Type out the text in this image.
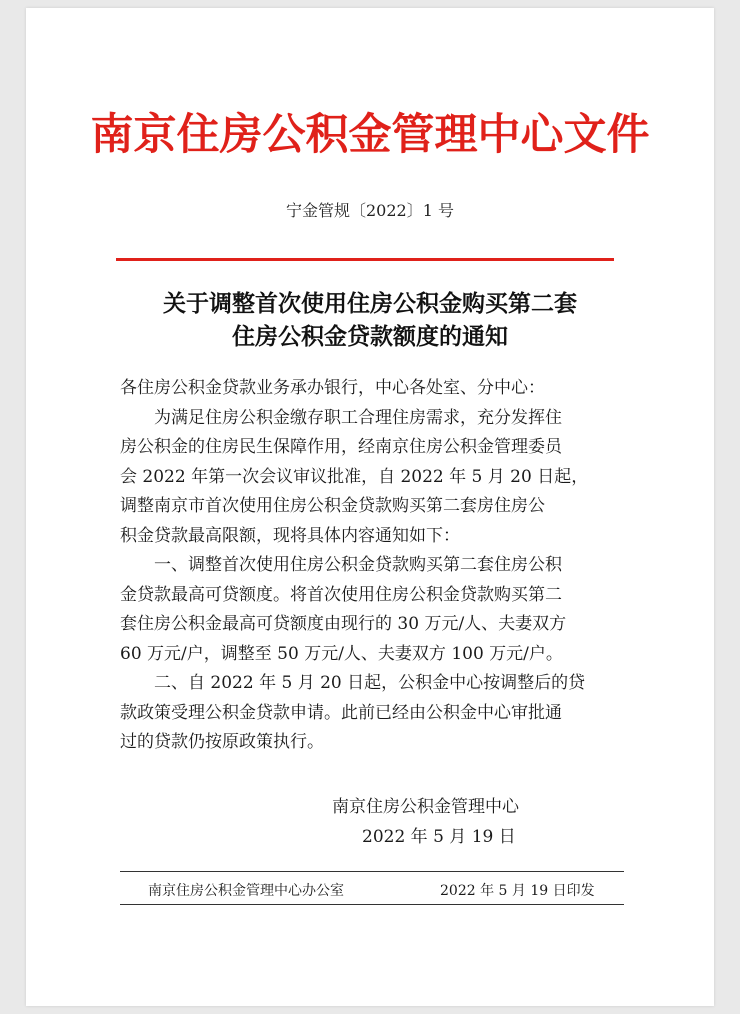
南京住房公积金管理中心文件
宁金管规〔2022〕1 号
关于调整首次使用住房公积金购买第二套
住房公积金贷款额度的通知
各住房公积金贷款业务承办银行，中心各处室、分中心：
　　为满足住房公积金缴存职工合理住房需求，充分发挥住
房公积金的住房民生保障作用，经南京住房公积金管理委员
会 2022 年第一次会议审议批准，自 2022 年 5 月 20 日起，
调整南京市首次使用住房公积金贷款购买第二套房住房公
积金贷款最高限额，现将具体内容通知如下：
　　一、调整首次使用住房公积金贷款购买第二套住房公积
金贷款最高可贷额度。将首次使用住房公积金贷款购买第二
套住房公积金最高可贷额度由现行的 30 万元/人、夫妻双方
60 万元/户，调整至 50 万元/人、夫妻双方 100 万元/户。
　　二、自 2022 年 5 月 20 日起，公积金中心按调整后的贷
款政策受理公积金贷款申请。此前已经由公积金中心审批通
过的贷款仍按原政策执行。
南京住房公积金管理中心
2022 年 5 月 19 日
南京住房公积金管理中心办公室	2022 年 5 月 19 日印发
